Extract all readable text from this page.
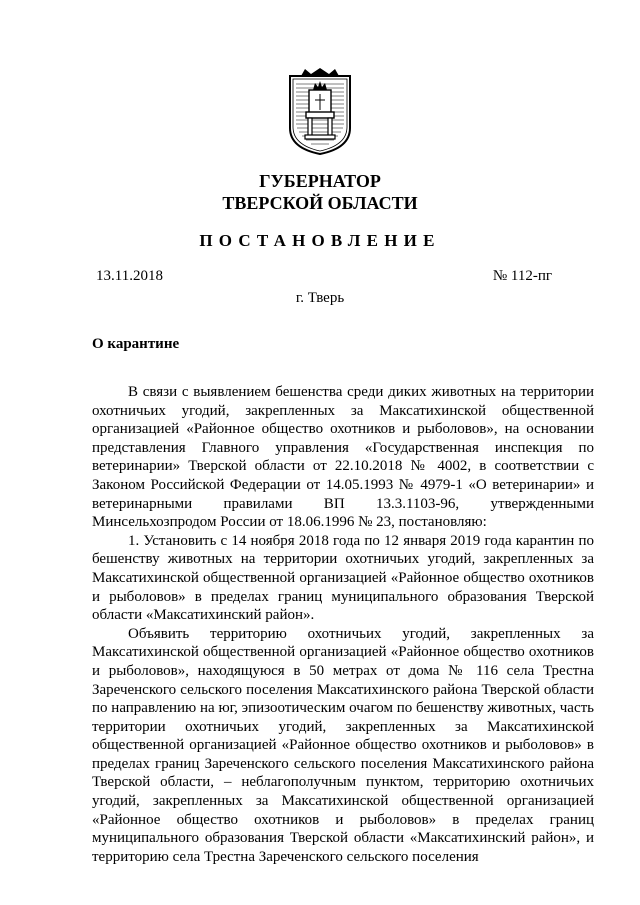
ГУБЕРНАТОР
ТВЕРСКОЙ ОБЛАСТИ
ПОСТАНОВЛЕНИЕ
13.11.2018	№ 112-пг
г. Тверь
О карантине

В связи с выявлением бешенства среди диких животных на территории охотничьих угодий, закрепленных за Максатихинской общественной организацией «Районное общество охотников и рыболовов», на основании представления Главного управления «Государственная инспекция по ветеринарии» Тверской области от 22.10.2018 № 4002, в соответствии с Законом Российской Федерации от 14.05.1993 № 4979-1 «О ветеринарии» и ветеринарными правилами ВП 13.3.1103-96, утвержденными Минсельхозпродом России от 18.06.1996 № 23, постановляю:

1. Установить с 14 ноября 2018 года по 12 января 2019 года карантин по бешенству животных на территории охотничьих угодий, закрепленных за Максатихинской общественной организацией «Районное общество охотников и рыболовов» в пределах границ муниципального образования Тверской области «Максатихинский район».

Объявить территорию охотничьих угодий, закрепленных за Максатихинской общественной организацией «Районное общество охотников и рыболовов», находящуюся в 50 метрах от дома № 116 села Трестна Зареченского сельского поселения Максатихинского района Тверской области по направлению на юг, эпизоотическим очагом по бешенству животных, часть территории охотничьих угодий, закрепленных за Максатихинской общественной организацией «Районное общество охотников и рыболовов» в пределах границ Зареченского сельского поселения Максатихинского района Тверской области, – неблагополучным пунктом, территорию охотничьих угодий, закрепленных за Максатихинской общественной организацией «Районное общество охотников и рыболовов» в пределах границ муниципального образования Тверской области «Максатихинский район», и территорию села Трестна Зареченского сельского поселения
